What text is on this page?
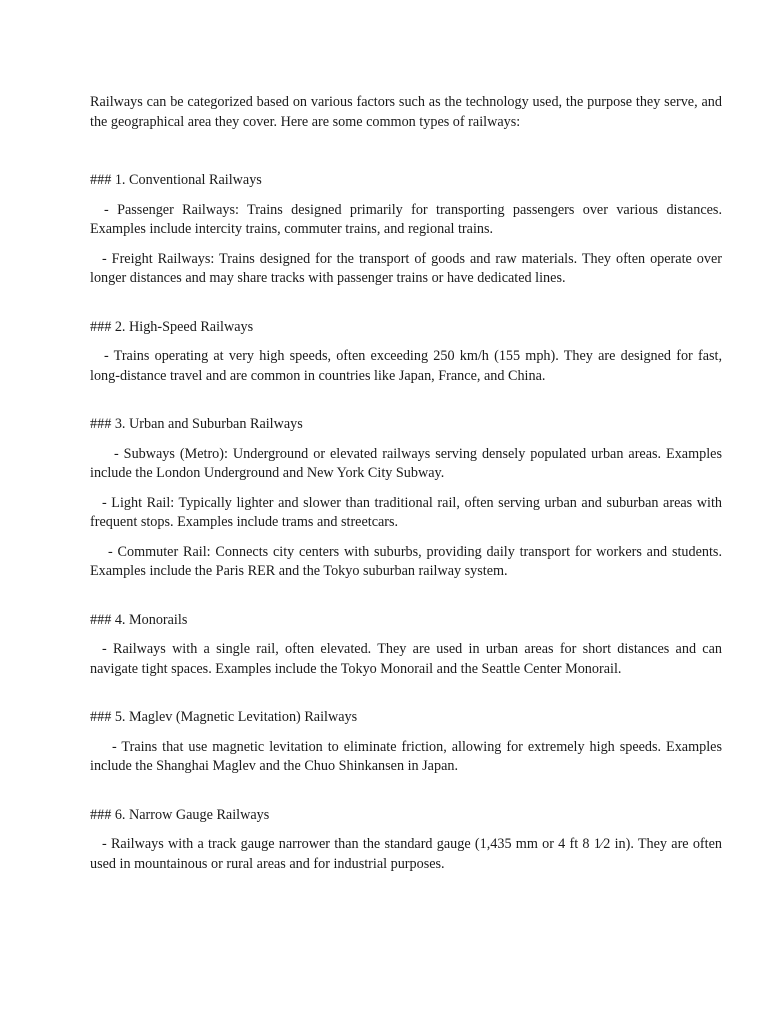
Railways can be categorized based on various factors such as the technology used, the purpose they serve, and the geographical area they cover. Here are some common types of railways:

### 1. Conventional Railways

- Passenger Railways: Trains designed primarily for transporting passengers over various distances. Examples include intercity trains, commuter trains, and regional trains.

- Freight Railways: Trains designed for the transport of goods and raw materials. They often operate over longer distances and may share tracks with passenger trains or have dedicated lines.

### 2. High-Speed Railways

- Trains operating at very high speeds, often exceeding 250 km/h (155 mph). They are designed for fast, long-distance travel and are common in countries like Japan, France, and China.

### 3. Urban and Suburban Railways

- Subways (Metro): Underground or elevated railways serving densely populated urban areas. Examples include the London Underground and New York City Subway.

- Light Rail: Typically lighter and slower than traditional rail, often serving urban and suburban areas with frequent stops. Examples include trams and streetcars.

- Commuter Rail: Connects city centers with suburbs, providing daily transport for workers and students. Examples include the Paris RER and the Tokyo suburban railway system.

### 4. Monorails

- Railways with a single rail, often elevated. They are used in urban areas for short distances and can navigate tight spaces. Examples include the Tokyo Monorail and the Seattle Center Monorail.

### 5. Maglev (Magnetic Levitation) Railways

- Trains that use magnetic levitation to eliminate friction, allowing for extremely high speeds. Examples include the Shanghai Maglev and the Chuo Shinkansen in Japan.

### 6. Narrow Gauge Railways

- Railways with a track gauge narrower than the standard gauge (1,435 mm or 4 ft 8 1⁄2 in). They are often used in mountainous or rural areas and for industrial purposes.
